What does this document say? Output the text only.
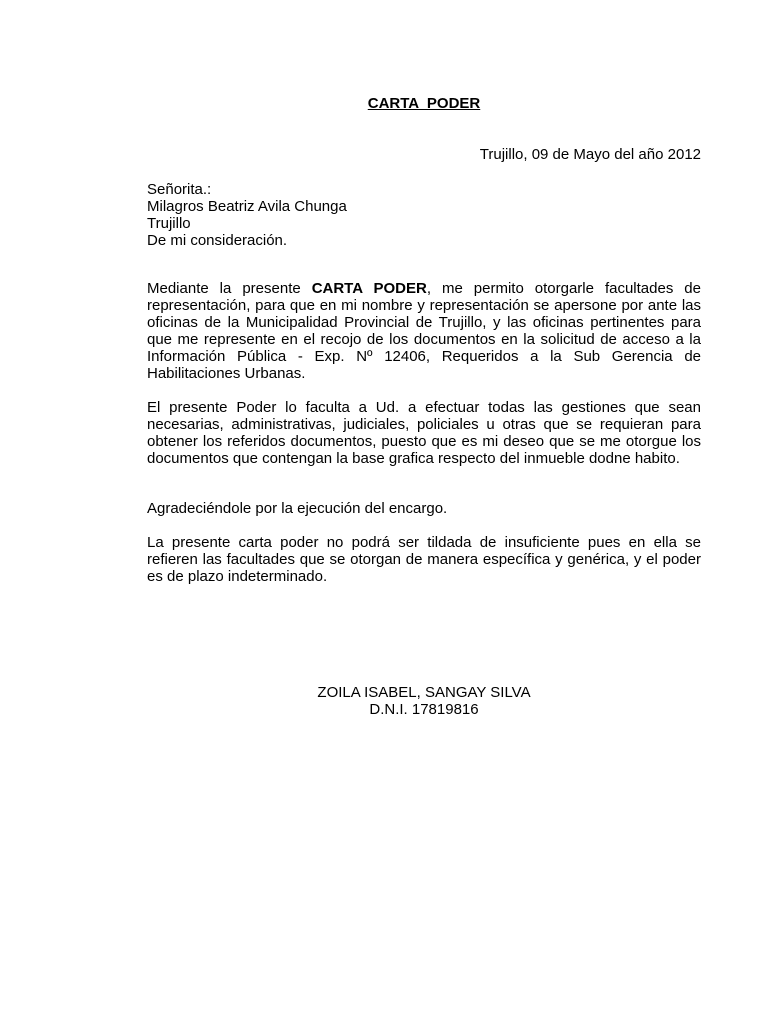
CARTA  PODER
Trujillo, 09 de Mayo del año 2012
Señorita.:
Milagros Beatriz Avila Chunga
Trujillo
De mi consideración.
Mediante la presente CARTA PODER, me permito otorgarle facultades de representación, para que en mi nombre y representación se apersone por ante las oficinas de la Municipalidad Provincial de Trujillo, y las oficinas pertinentes para que me represente en el recojo de los documentos en la solicitud de acceso a la Información Pública - Exp. Nº 12406, Requeridos a la Sub Gerencia de Habilitaciones Urbanas.
El presente Poder lo faculta a Ud. a efectuar todas las gestiones que sean necesarias, administrativas, judiciales, policiales u otras que se requieran para obtener los referidos documentos, puesto que es mi deseo que se me otorgue los documentos que contengan la base grafica respecto del inmueble dodne habito.
Agradeciéndole por la ejecución del encargo.
La presente carta poder no podrá ser tildada de insuficiente pues en ella se refieren las facultades que se otorgan de manera específica y genérica, y el poder es de plazo indeterminado.
ZOILA ISABEL, SANGAY SILVA
D.N.I. 17819816
